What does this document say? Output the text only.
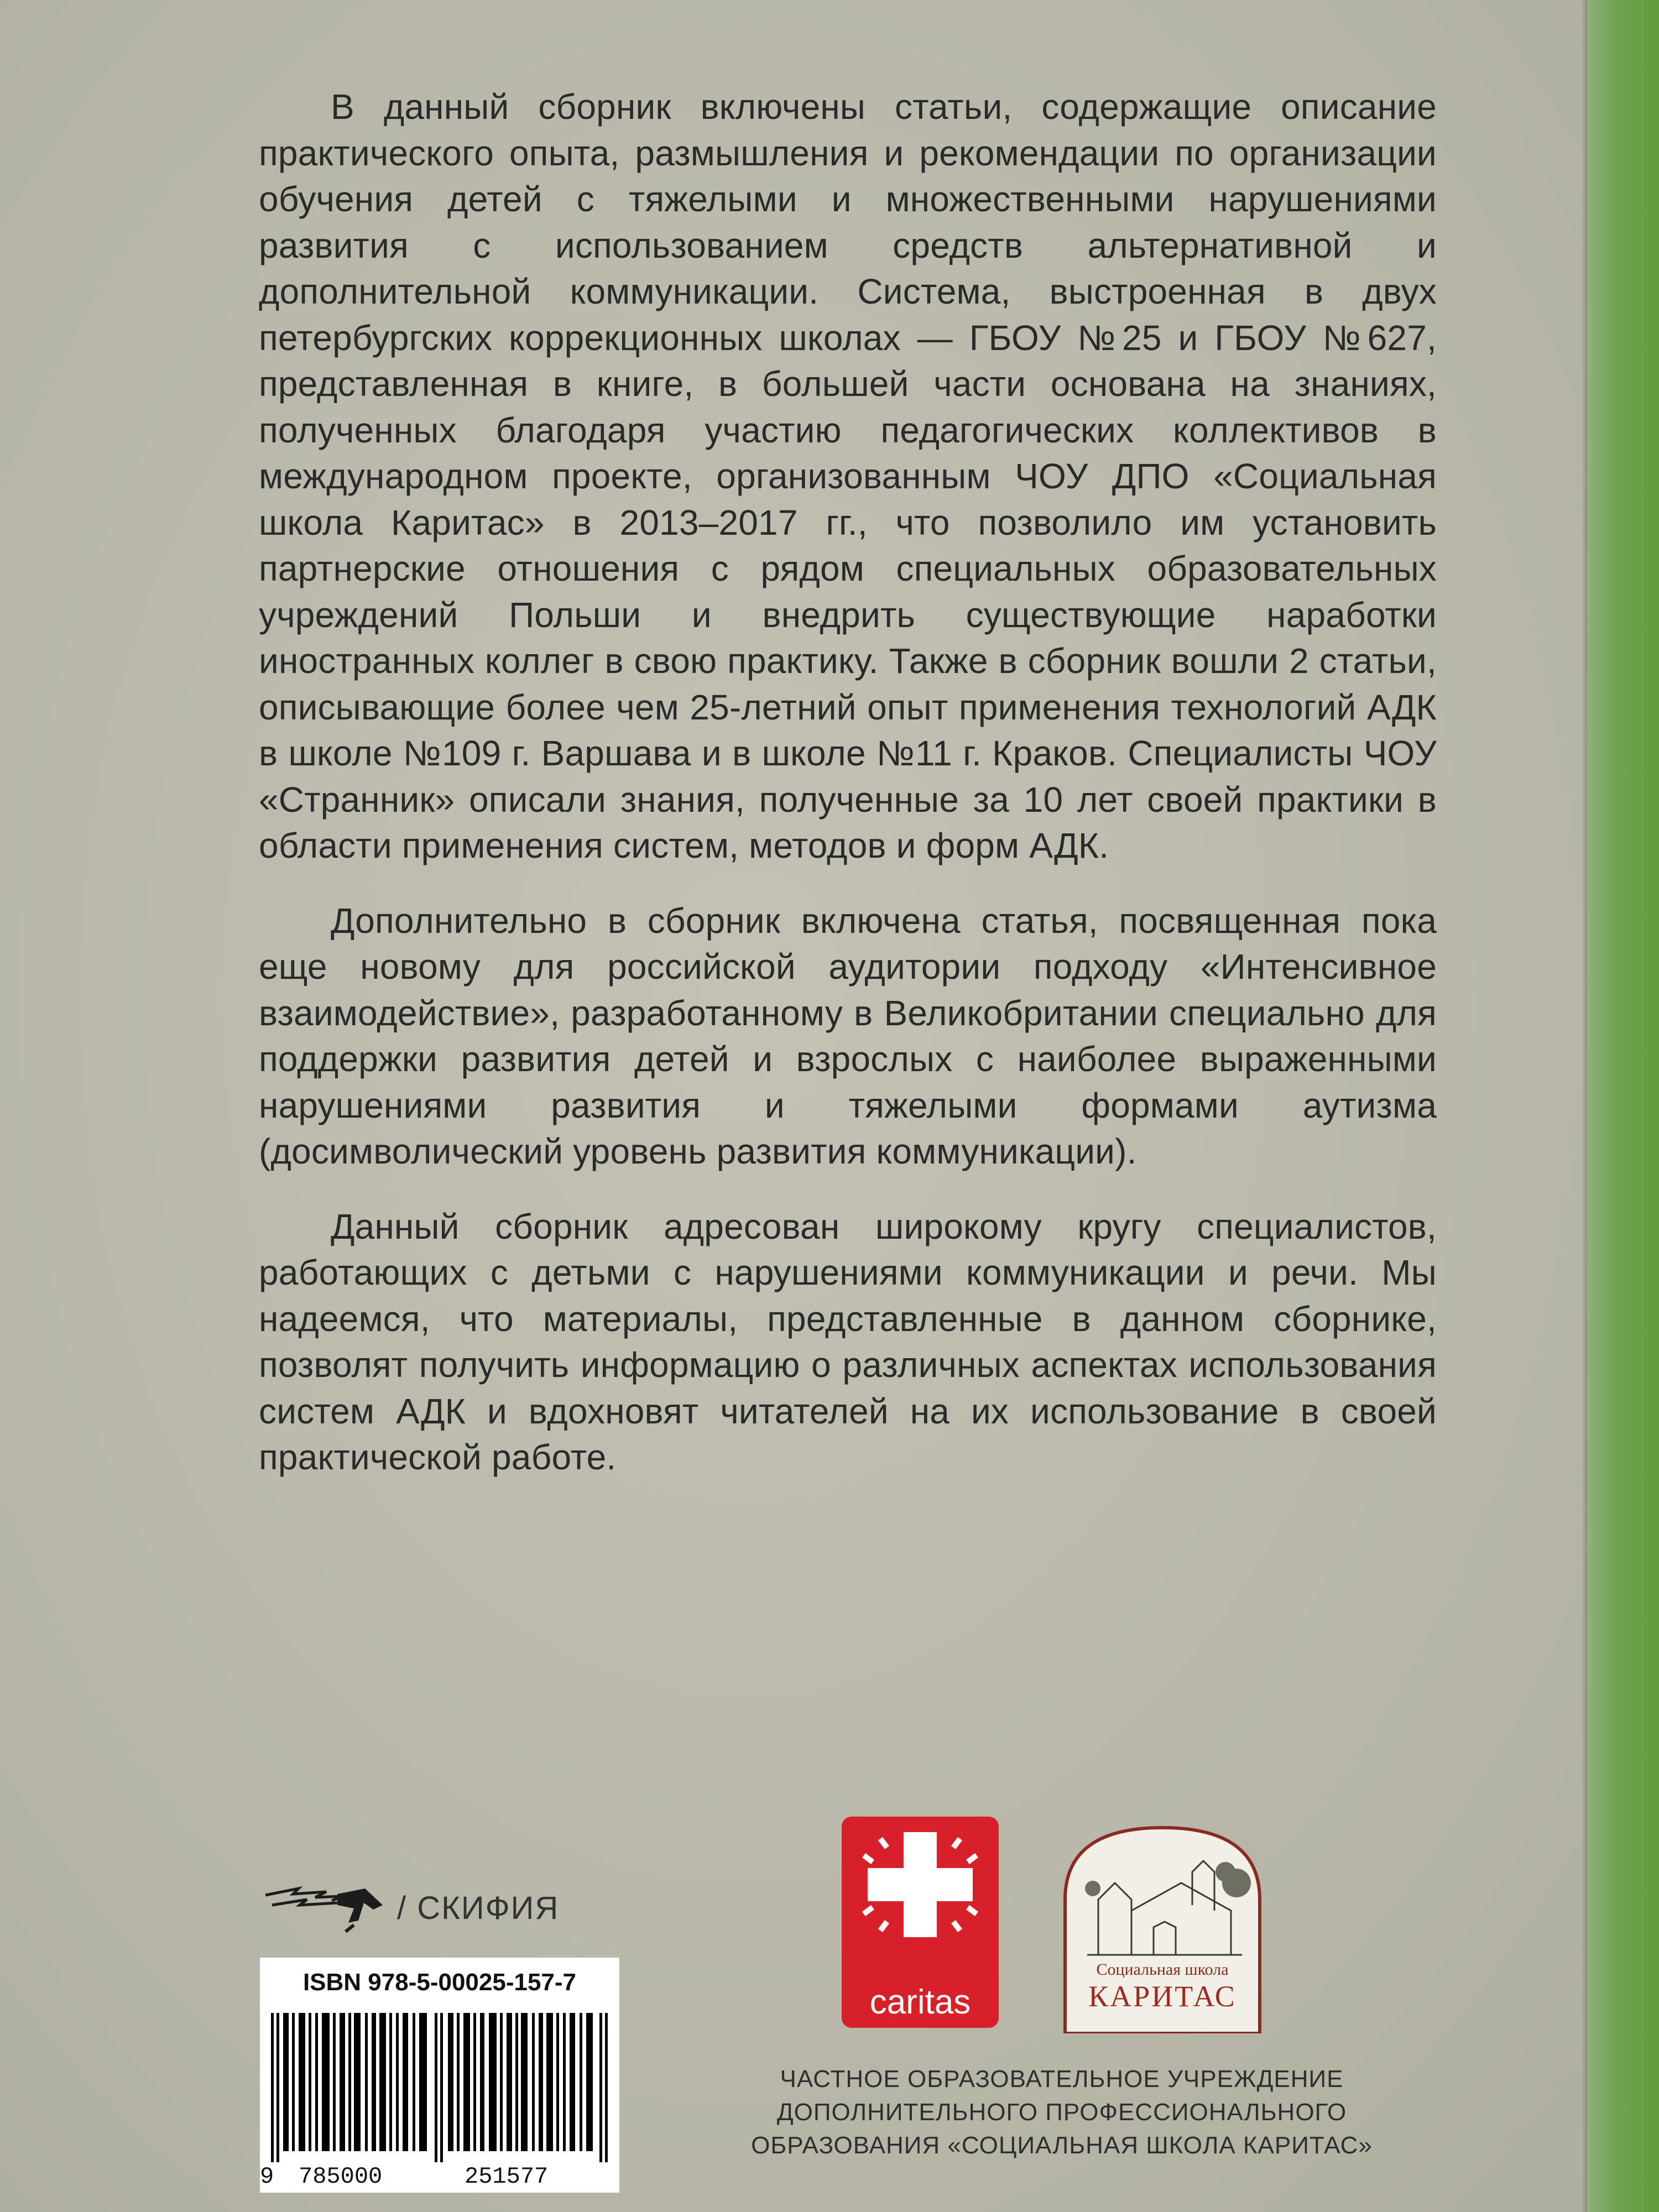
В данный сборник включены статьи, содержащие описание практического опыта, размышления и рекомендации по организации обучения детей с тяжелыми и множественными нарушениями развития с использованием средств альтернативной и дополнительной коммуникации. Система, выстроенная в двух петербургских коррекционных школах — ГБОУ №25 и ГБОУ №627, представленная в книге, в большей части основана на знаниях, полученных благодаря участию педагогических коллективов в международном проекте, организованным ЧОУ ДПО «Социальная школа Каритас» в 2013–2017 гг., что позволило им установить партнерские отношения с рядом специальных образовательных учреждений Польши и внедрить существующие наработки иностранных коллег в свою практику. Также в сборник вошли 2 статьи, описывающие более чем 25-летний опыт применения технологий АДК в школе №109 г. Варшава и в школе №11 г. Краков. Специалисты ЧОУ «Странник» описали знания, полученные за 10 лет своей практики в области применения систем, методов и форм АДК.

Дополнительно в сборник включена статья, посвященная пока еще новому для российской аудитории подходу «Интенсивное взаимодействие», разработанному в Великобритании специально для поддержки развития детей и взрослых с наиболее выраженными нарушениями развития и тяжелыми формами аутизма (досимволический уровень развития коммуникации).

Данный сборник адресован широкому кругу специалистов, работающих с детьми с нарушениями коммуникации и речи. Мы надеемся, что материалы, представленные в данном сборнике, позволят получить информацию о различных аспектах использования систем АДК и вдохновят читателей на их использование в своей практической работе.

/ СКИФИЯ
ISBN 978-5-00025-157-7
9 785000	251577
caritas
Социальная школа
КАРИТАС
ЧАСТНОЕ ОБРАЗОВАТЕЛЬНОЕ УЧРЕЖДЕНИЕ
ДОПОЛНИТЕЛЬНОГО ПРОФЕССИОНАЛЬНОГО
ОБРАЗОВАНИЯ «СОЦИАЛЬНАЯ ШКОЛА КАРИТАС»
